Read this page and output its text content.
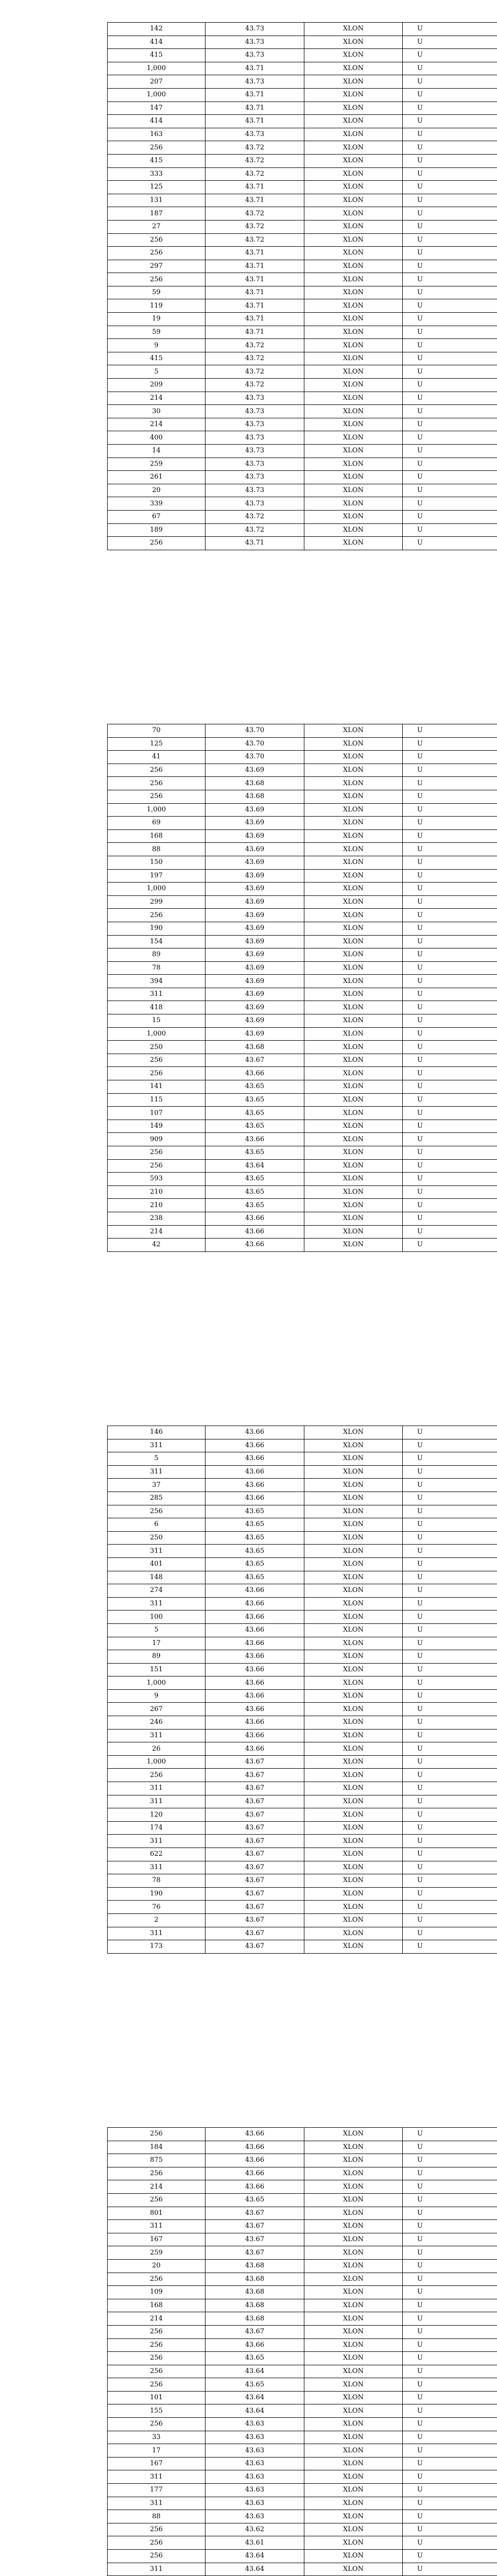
142	43.73	XLON	U
414	43.73	XLON	U
415	43.73	XLON	U
1,000	43.71	XLON	U
207	43.73	XLON	U
1,000	43.71	XLON	U
147	43.71	XLON	U
414	43.71	XLON	U
163	43.73	XLON	U
256	43.72	XLON	U
415	43.72	XLON	U
333	43.72	XLON	U
125	43.71	XLON	U
131	43.71	XLON	U
187	43.72	XLON	U
27	43.72	XLON	U
256	43.72	XLON	U
256	43.71	XLON	U
297	43.71	XLON	U
256	43.71	XLON	U
59	43.71	XLON	U
119	43.71	XLON	U
19	43.71	XLON	U
59	43.71	XLON	U
9	43.72	XLON	U
415	43.72	XLON	U
5	43.72	XLON	U
209	43.72	XLON	U
214	43.73	XLON	U
30	43.73	XLON	U
214	43.73	XLON	U
400	43.73	XLON	U
14	43.73	XLON	U
259	43.73	XLON	U
261	43.73	XLON	U
20	43.73	XLON	U
339	43.73	XLON	U
67	43.72	XLON	U
189	43.72	XLON	U
256	43.71	XLON	U
70	43.70	XLON	U
125	43.70	XLON	U
41	43.70	XLON	U
256	43.69	XLON	U
256	43.68	XLON	U
256	43.68	XLON	U
1,000	43.69	XLON	U
69	43.69	XLON	U
168	43.69	XLON	U
88	43.69	XLON	U
150	43.69	XLON	U
197	43.69	XLON	U
1,000	43.69	XLON	U
299	43.69	XLON	U
256	43.69	XLON	U
190	43.69	XLON	U
154	43.69	XLON	U
89	43.69	XLON	U
78	43.69	XLON	U
394	43.69	XLON	U
311	43.69	XLON	U
418	43.69	XLON	U
15	43.69	XLON	U
1,000	43.69	XLON	U
250	43.68	XLON	U
256	43.67	XLON	U
256	43.66	XLON	U
141	43.65	XLON	U
115	43.65	XLON	U
107	43.65	XLON	U
149	43.65	XLON	U
909	43.66	XLON	U
256	43.65	XLON	U
256	43.64	XLON	U
593	43.65	XLON	U
210	43.65	XLON	U
210	43.65	XLON	U
238	43.66	XLON	U
214	43.66	XLON	U
42	43.66	XLON	U
146	43.66	XLON	U
311	43.66	XLON	U
5	43.66	XLON	U
311	43.66	XLON	U
37	43.66	XLON	U
285	43.66	XLON	U
256	43.65	XLON	U
6	43.65	XLON	U
250	43.65	XLON	U
311	43.65	XLON	U
401	43.65	XLON	U
148	43.65	XLON	U
274	43.66	XLON	U
311	43.66	XLON	U
100	43.66	XLON	U
5	43.66	XLON	U
17	43.66	XLON	U
89	43.66	XLON	U
151	43.66	XLON	U
1,000	43.66	XLON	U
9	43.66	XLON	U
267	43.66	XLON	U
246	43.66	XLON	U
311	43.66	XLON	U
26	43.66	XLON	U
1,000	43.67	XLON	U
256	43.67	XLON	U
311	43.67	XLON	U
311	43.67	XLON	U
120	43.67	XLON	U
174	43.67	XLON	U
311	43.67	XLON	U
622	43.67	XLON	U
311	43.67	XLON	U
78	43.67	XLON	U
190	43.67	XLON	U
76	43.67	XLON	U
2	43.67	XLON	U
311	43.67	XLON	U
173	43.67	XLON	U
256	43.66	XLON	U
184	43.66	XLON	U
875	43.66	XLON	U
256	43.66	XLON	U
214	43.66	XLON	U
256	43.65	XLON	U
801	43.67	XLON	U
311	43.67	XLON	U
167	43.67	XLON	U
259	43.67	XLON	U
20	43.68	XLON	U
256	43.68	XLON	U
109	43.68	XLON	U
168	43.68	XLON	U
214	43.68	XLON	U
256	43.67	XLON	U
256	43.66	XLON	U
256	43.65	XLON	U
256	43.64	XLON	U
256	43.65	XLON	U
101	43.64	XLON	U
155	43.64	XLON	U
256	43.63	XLON	U
33	43.63	XLON	U
17	43.63	XLON	U
167	43.63	XLON	U
311	43.63	XLON	U
177	43.63	XLON	U
311	43.63	XLON	U
88	43.63	XLON	U
256	43.62	XLON	U
256	43.61	XLON	U
256	43.64	XLON	U
311	43.64	XLON	U
